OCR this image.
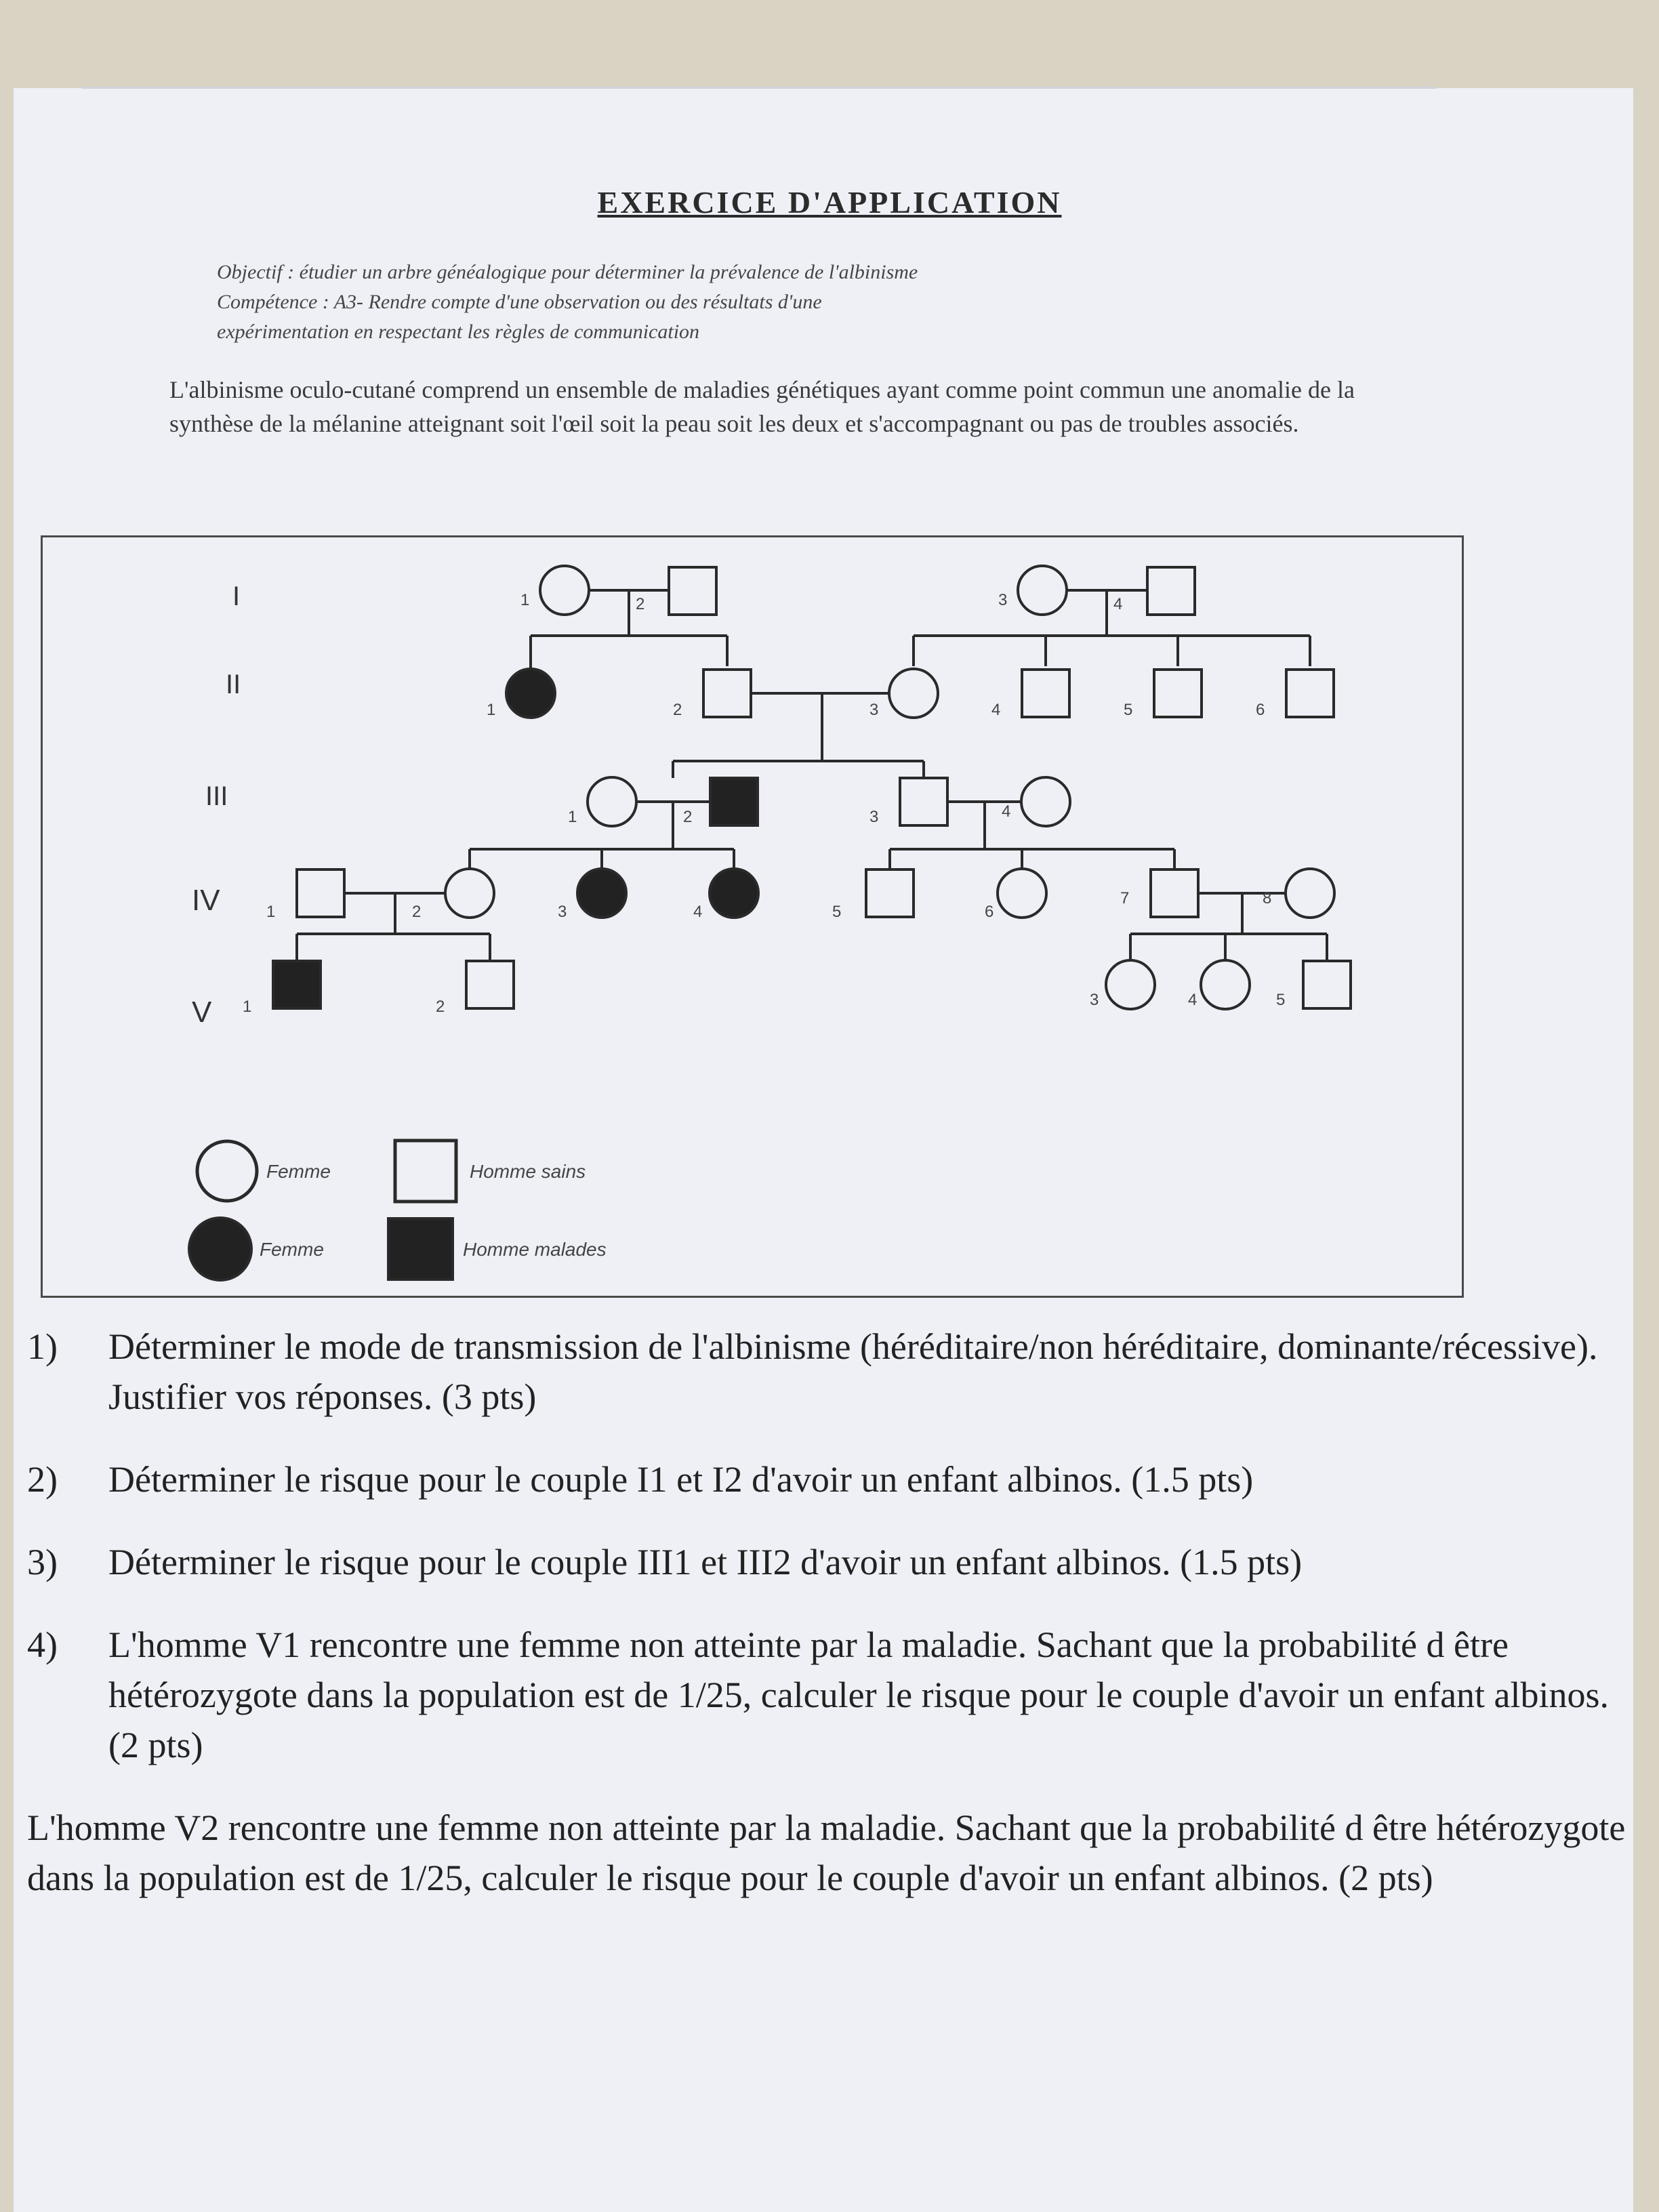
EXERCICE D'APPLICATION
Objectif : étudier un arbre généalogique pour déterminer la prévalence de l'albinisme
Compétence : A3- Rendre compte d'une observation ou des résultats d'une
expérimentation en respectant les règles de communication
L'albinisme oculo-cutané comprend un ensemble de maladies génétiques ayant comme point commun une anomalie de la synthèse de la mélanine atteignant soit l'œil soit la peau soit les deux et s'accompagnant ou pas de troubles associés.
I
II
III
IV
V
1	2	3	4
1	2	3	4	5	6
1	2	3	4
1	2	3	4	5	6
7	8
1	2	3	4	5
Femme	Homme sains
Femme	Homme malades
1) Déterminer le mode de transmission de l'albinisme (héréditaire/non héréditaire, dominante/récessive). Justifier vos réponses. (3 pts)
2) Déterminer le risque pour le couple I1 et I2 d'avoir un enfant albinos. (1.5 pts)
3) Déterminer le risque pour le couple III1 et III2 d'avoir un enfant albinos. (1.5 pts)
4) L'homme V1 rencontre une femme non atteinte par la maladie. Sachant que la probabilité d être hétérozygote dans la population est de 1/25, calculer le risque pour le couple d'avoir un enfant albinos. (2 pts)
L'homme V2 rencontre une femme non atteinte par la maladie. Sachant que la probabilité d être hétérozygote dans la population est de 1/25, calculer le risque pour le couple d'avoir un enfant albinos. (2 pts)
